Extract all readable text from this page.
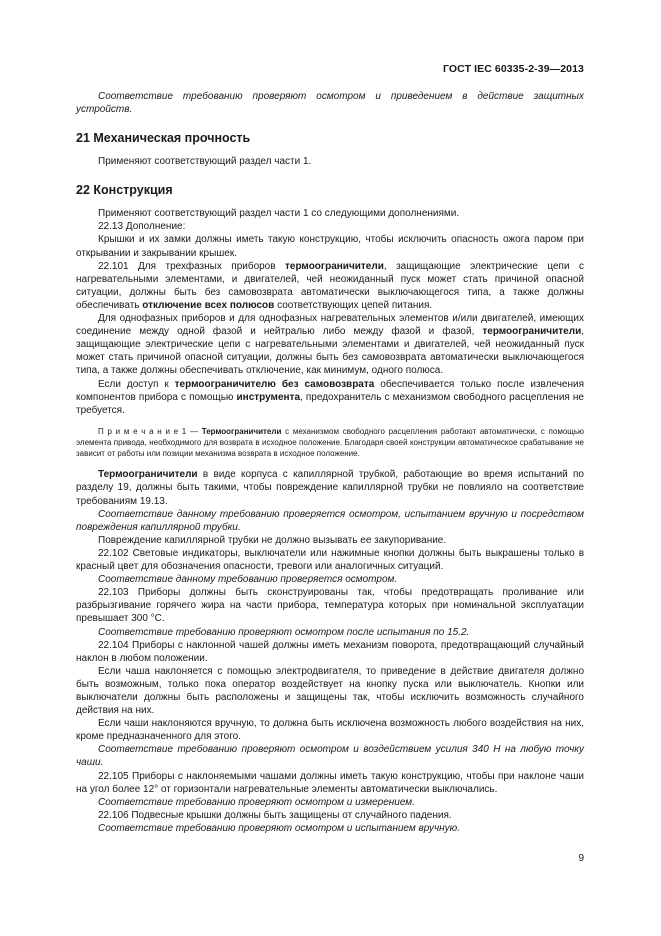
ГОСТ IEC 60335-2-39—2013

Соответствие требованию проверяют осмотром и приведением в действие защитных устройств.

21 Механическая прочность

Применяют соответствующий раздел части 1.

22 Конструкция

Применяют соответствующий раздел части 1 со следующими дополнениями.

22.13 Дополнение:

Крышки и их замки должны иметь такую конструкцию, чтобы исключить опасность ожога паром при открывании и закрывании крышек.

22.101 Для трехфазных приборов термоограничители, защищающие электрические цепи с нагревательными элементами, и двигателей, чей неожиданный пуск может стать причиной опасной ситуации, должны быть без самовозврата автоматически выключающегося типа, а также должны обеспечивать отключение всех полюсов соответствующих цепей питания.

Для однофазных приборов и для однофазных нагревательных элементов и/или двигателей, имеющих соединение между одной фазой и нейтралью либо между фазой и фазой, термоограничители, защищающие электрические цепи с нагревательными элементами и двигателей, чей неожиданный пуск может стать причиной опасной ситуации, должны быть без самовозврата автоматически выключающегося типа, а также должны обеспечивать отключение, как минимум, одного полюса.

Если доступ к термоограничителю без самовозврата обеспечивается только после извлечения компонентов прибора с помощью инструмента, предохранитель с механизмом свободного расцепления не требуется.

П р и м е ч а н и е 1 — Термоограничители с механизмом свободного расцепления работают автоматически, с помощью элемента привода, необходимого для возврата в исходное положение. Благодаря своей конструкции автоматическое срабатывание не зависит от работы или позиции механизма возврата в исходное положение.

Термоограничители в виде корпуса с капиллярной трубкой, работающие во время испытаний по разделу 19, должны быть такими, чтобы повреждение капиллярной трубки не повлияло на соответствие требованиям 19.13.

Соответствие данному требованию проверяется осмотром, испытанием вручную и посредством повреждения капиллярной трубки.

Повреждение капиллярной трубки не должно вызывать ее закупоривание.

22.102 Световые индикаторы, выключатели или нажимные кнопки должны быть выкрашены только в красный цвет для обозначения опасности, тревоги или аналогичных ситуаций.

Соответствие данному требованию проверяется осмотром.

22.103 Приборы должны быть сконструированы так, чтобы предотвращать проливание или разбрызгивание горячего жира на части прибора, температура которых при номинальной эксплуатации превышает 300 °С.

Соответствие требованию проверяют осмотром после испытания по 15.2.

22.104 Приборы с наклонной чашей должны иметь механизм поворота, предотвращающий случайный наклон в любом положении.

Если чаша наклоняется с помощью электродвигателя, то приведение в действие двигателя должно быть возможным, только пока оператор воздействует на кнопку пуска или выключатель. Кнопки или выключатели должны быть расположены и защищены так, чтобы исключить возможность случайного действия на них.

Если чаши наклоняются вручную, то должна быть исключена возможность любого воздействия на них, кроме предназначенного для этого.

Соответствие требованию проверяют осмотром и воздействием усилия 340 Н на любую точку чаши.

22.105 Приборы с наклоняемыми чашами должны иметь такую конструкцию, чтобы при наклоне чаши на угол более 12° от горизонтали нагревательные элементы автоматически выключались.

Соответствие требованию проверяют осмотром и измерением.

22.106 Подвесные крышки должны быть защищены от случайного падения.

Соответствие требованию проверяют осмотром и испытанием вручную.

9
